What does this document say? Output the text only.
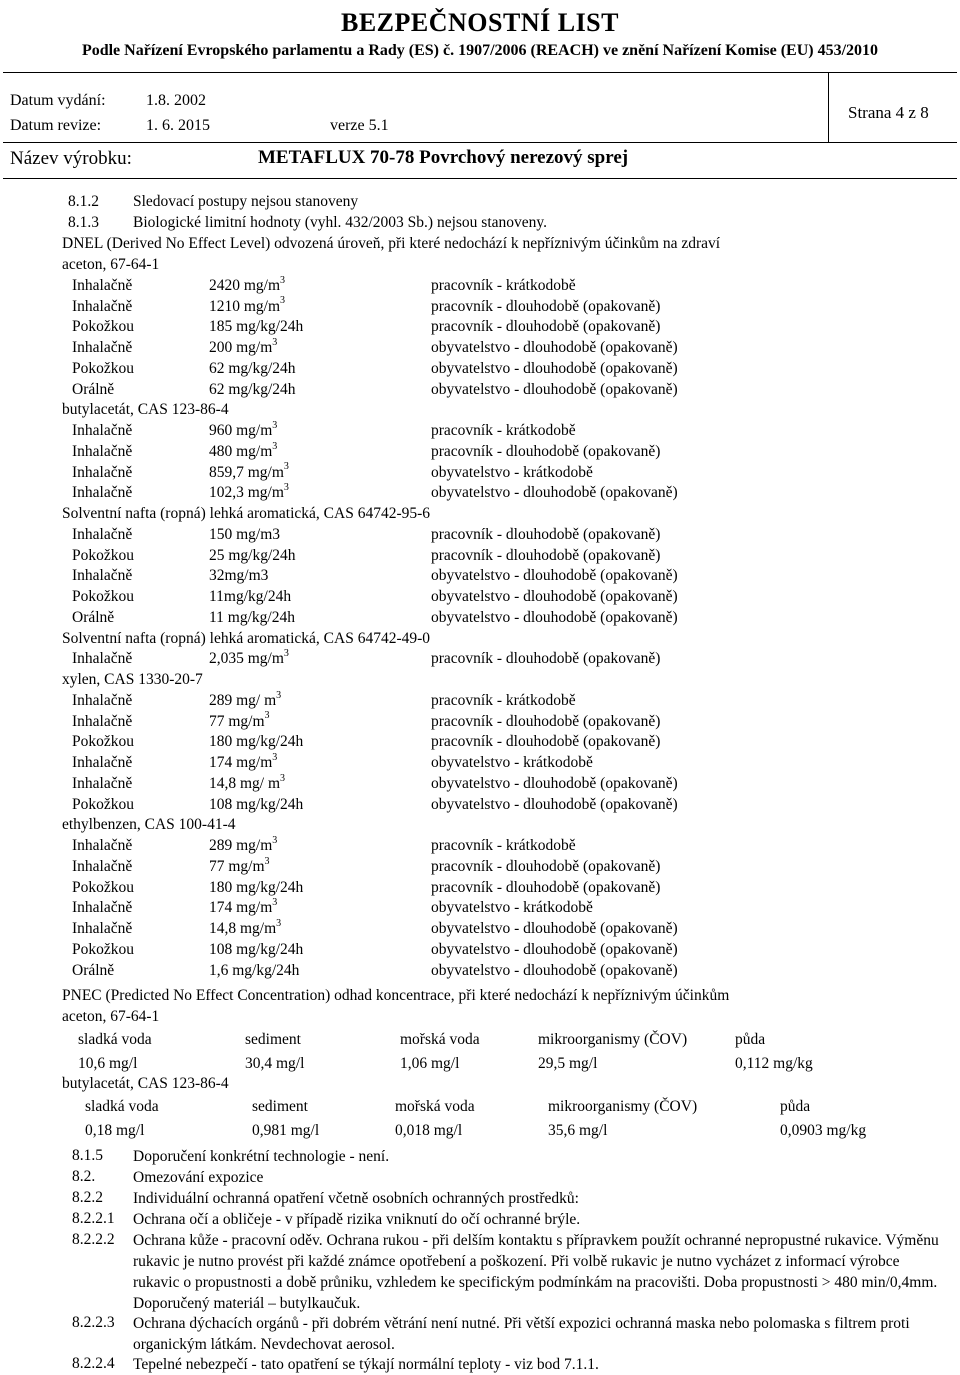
BEZPEČNOSTNÍ LIST
Podle Nařízení Evropského parlamentu a Rady (ES) č. 1907/2006 (REACH) ve znění Nařízení Komise (EU) 453/2010
Datum vydání:	1.8. 2002
Datum revize:	1. 6. 2015	verze 5.1
Strana 4 z 8
Název výrobku:	METAFLUX 70-78 Povrchový nerezový sprej
8.1.2 Sledovací postupy nejsou stanoveny
8.1.3 Biologické limitní hodnoty (vyhl. 432/2003 Sb.) nejsou stanoveny.
DNEL (Derived No Effect Level) odvozená úroveň, při které nedochází k nepříznivým účinkům na zdraví
aceton, 67-64-1
Inhalačně	2420 $mg/m^3$	pracovník - krátkodobě
Inhalačně	1210 $mg/m^3$	pracovník - dlouhodobě (opakovaně)
Pokožkou	185 mg/kg/24h	pracovník - dlouhodobě (opakovaně)
Inhalačně	200 $mg/m^3$	obyvatelstvo - dlouhodobě (opakovaně)
Pokožkou	62 mg/kg/24h	obyvatelstvo - dlouhodobě (opakovaně)
Orálně	62 mg/kg/24h	obyvatelstvo - dlouhodobě (opakovaně)
butylacetát, CAS 123-86-4
Inhalačně	960 $mg/m^3$	pracovník - krátkodobě
Inhalačně	480 $mg/m^3$	pracovník - dlouhodobě (opakovaně)
Inhalačně	859,7 $mg/m^3$	obyvatelstvo - krátkodobě
Inhalačně	102,3 $mg/m^3$	obyvatelstvo - dlouhodobě (opakovaně)
Solventní nafta (ropná) lehká aromatická, CAS 64742-95-6
Inhalačně	150 mg/m3	pracovník - dlouhodobě (opakovaně)
Pokožkou	25 mg/kg/24h	pracovník - dlouhodobě (opakovaně)
Inhalačně	32mg/m3	obyvatelstvo - dlouhodobě (opakovaně)
Pokožkou	11mg/kg/24h	obyvatelstvo - dlouhodobě (opakovaně)
Orálně	11 mg/kg/24h	obyvatelstvo - dlouhodobě (opakovaně)
Solventní nafta (ropná) lehká aromatická, CAS 64742-49-0
Inhalačně	2,035 $mg/m^3$	pracovník - dlouhodobě (opakovaně)
xylen, CAS 1330-20-7
Inhalačně	289 mg/ $m^3$	pracovník - krátkodobě
Inhalačně	77 $mg/m^3$	pracovník - dlouhodobě (opakovaně)
Pokožkou	180 mg/kg/24h	pracovník - dlouhodobě (opakovaně)
Inhalačně	174 $mg/m^3$	obyvatelstvo - krátkodobě
Inhalačně	14,8 mg/ $m^3$	obyvatelstvo - dlouhodobě (opakovaně)
Pokožkou	108 mg/kg/24h	obyvatelstvo - dlouhodobě (opakovaně)
ethylbenzen, CAS 100-41-4
Inhalačně	289 $mg/m^3$	pracovník - krátkodobě
Inhalačně	77 $mg/m^3$	pracovník - dlouhodobě (opakovaně)
Pokožkou	180 mg/kg/24h	pracovník - dlouhodobě (opakovaně)
Inhalačně	174 $mg/m^3$	obyvatelstvo - krátkodobě
Inhalačně	14,8 $mg/m^3$	obyvatelstvo - dlouhodobě (opakovaně)
Pokožkou	108 mg/kg/24h	obyvatelstvo - dlouhodobě (opakovaně)
Orálně	1,6 mg/kg/24h	obyvatelstvo - dlouhodobě (opakovaně)
PNEC (Predicted No Effect Concentration) odhad koncentrace, při které nedochází k nepříznivým účinkům
aceton, 67-64-1
sladká voda	sediment	mořská voda	mikroorganismy (ČOV)	půda
10,6 mg/l	30,4 mg/l	1,06 mg/l	29,5 mg/l	0,112 mg/kg
butylacetát, CAS 123-86-4
sladká voda	sediment	mořská voda	mikroorganismy (ČOV)	půda
0,18 mg/l	0,981 mg/l	0,018 mg/l	35,6 mg/l	0,0903 mg/kg
8.1.5 Doporučení konkrétní technologie - není.
8.2. Omezování expozice
8.2.2 Individuální ochranná opatření včetně osobních ochranných prostředků:
8.2.2.1 Ochrana očí a obličeje - v případě rizika vniknutí do očí ochranné brýle.
8.2.2.2 Ochrana kůže - pracovní oděv. Ochrana rukou - při delším kontaktu s přípravkem použít ochranné nepropustné rukavice. Výměnu rukavic je nutno provést při každé známce opotřebení a poškození. Při volbě rukavic je nutno vycházet z informací výrobce rukavic o propustnosti a době průniku, vzhledem ke specifickým podmínkám na pracovišti. Doba propustnosti > 480 min/0,4mm. Doporučený materiál – butylkaučuk.
8.2.2.3 Ochrana dýchacích orgánů - při dobrém větrání není nutné. Při větší expozici ochranná maska nebo polomaska s filtrem proti organickým látkám. Nevdechovat aerosol.
8.2.2.4 Tepelné nebezpečí - tato opatření se týkají normální teploty - viz bod 7.1.1.
